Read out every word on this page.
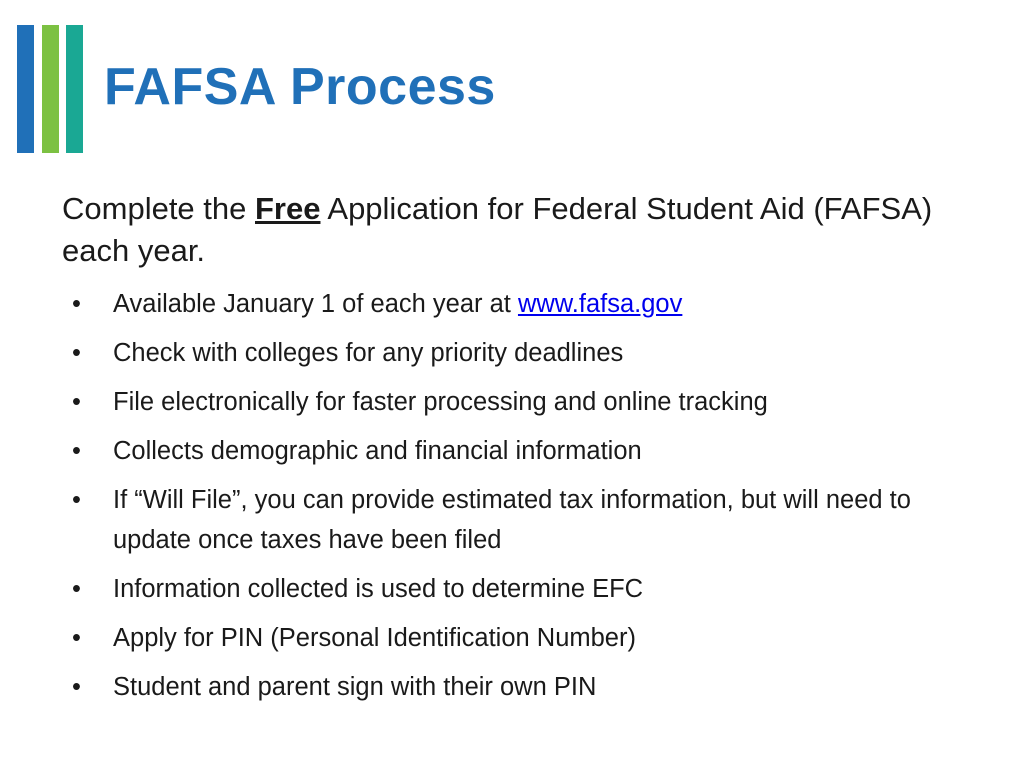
FAFSA Process

Complete the Free Application for Federal Student Aid (FAFSA) each year.

• Available January 1 of each year at www.fafsa.gov
• Check with colleges for any priority deadlines
• File electronically for faster processing and online tracking
• Collects demographic and financial information
• If “Will File”, you can provide estimated tax information, but will need to update once taxes have been filed
• Information collected is used to determine EFC
• Apply for PIN (Personal Identification Number)
• Student and parent sign with their own PIN
